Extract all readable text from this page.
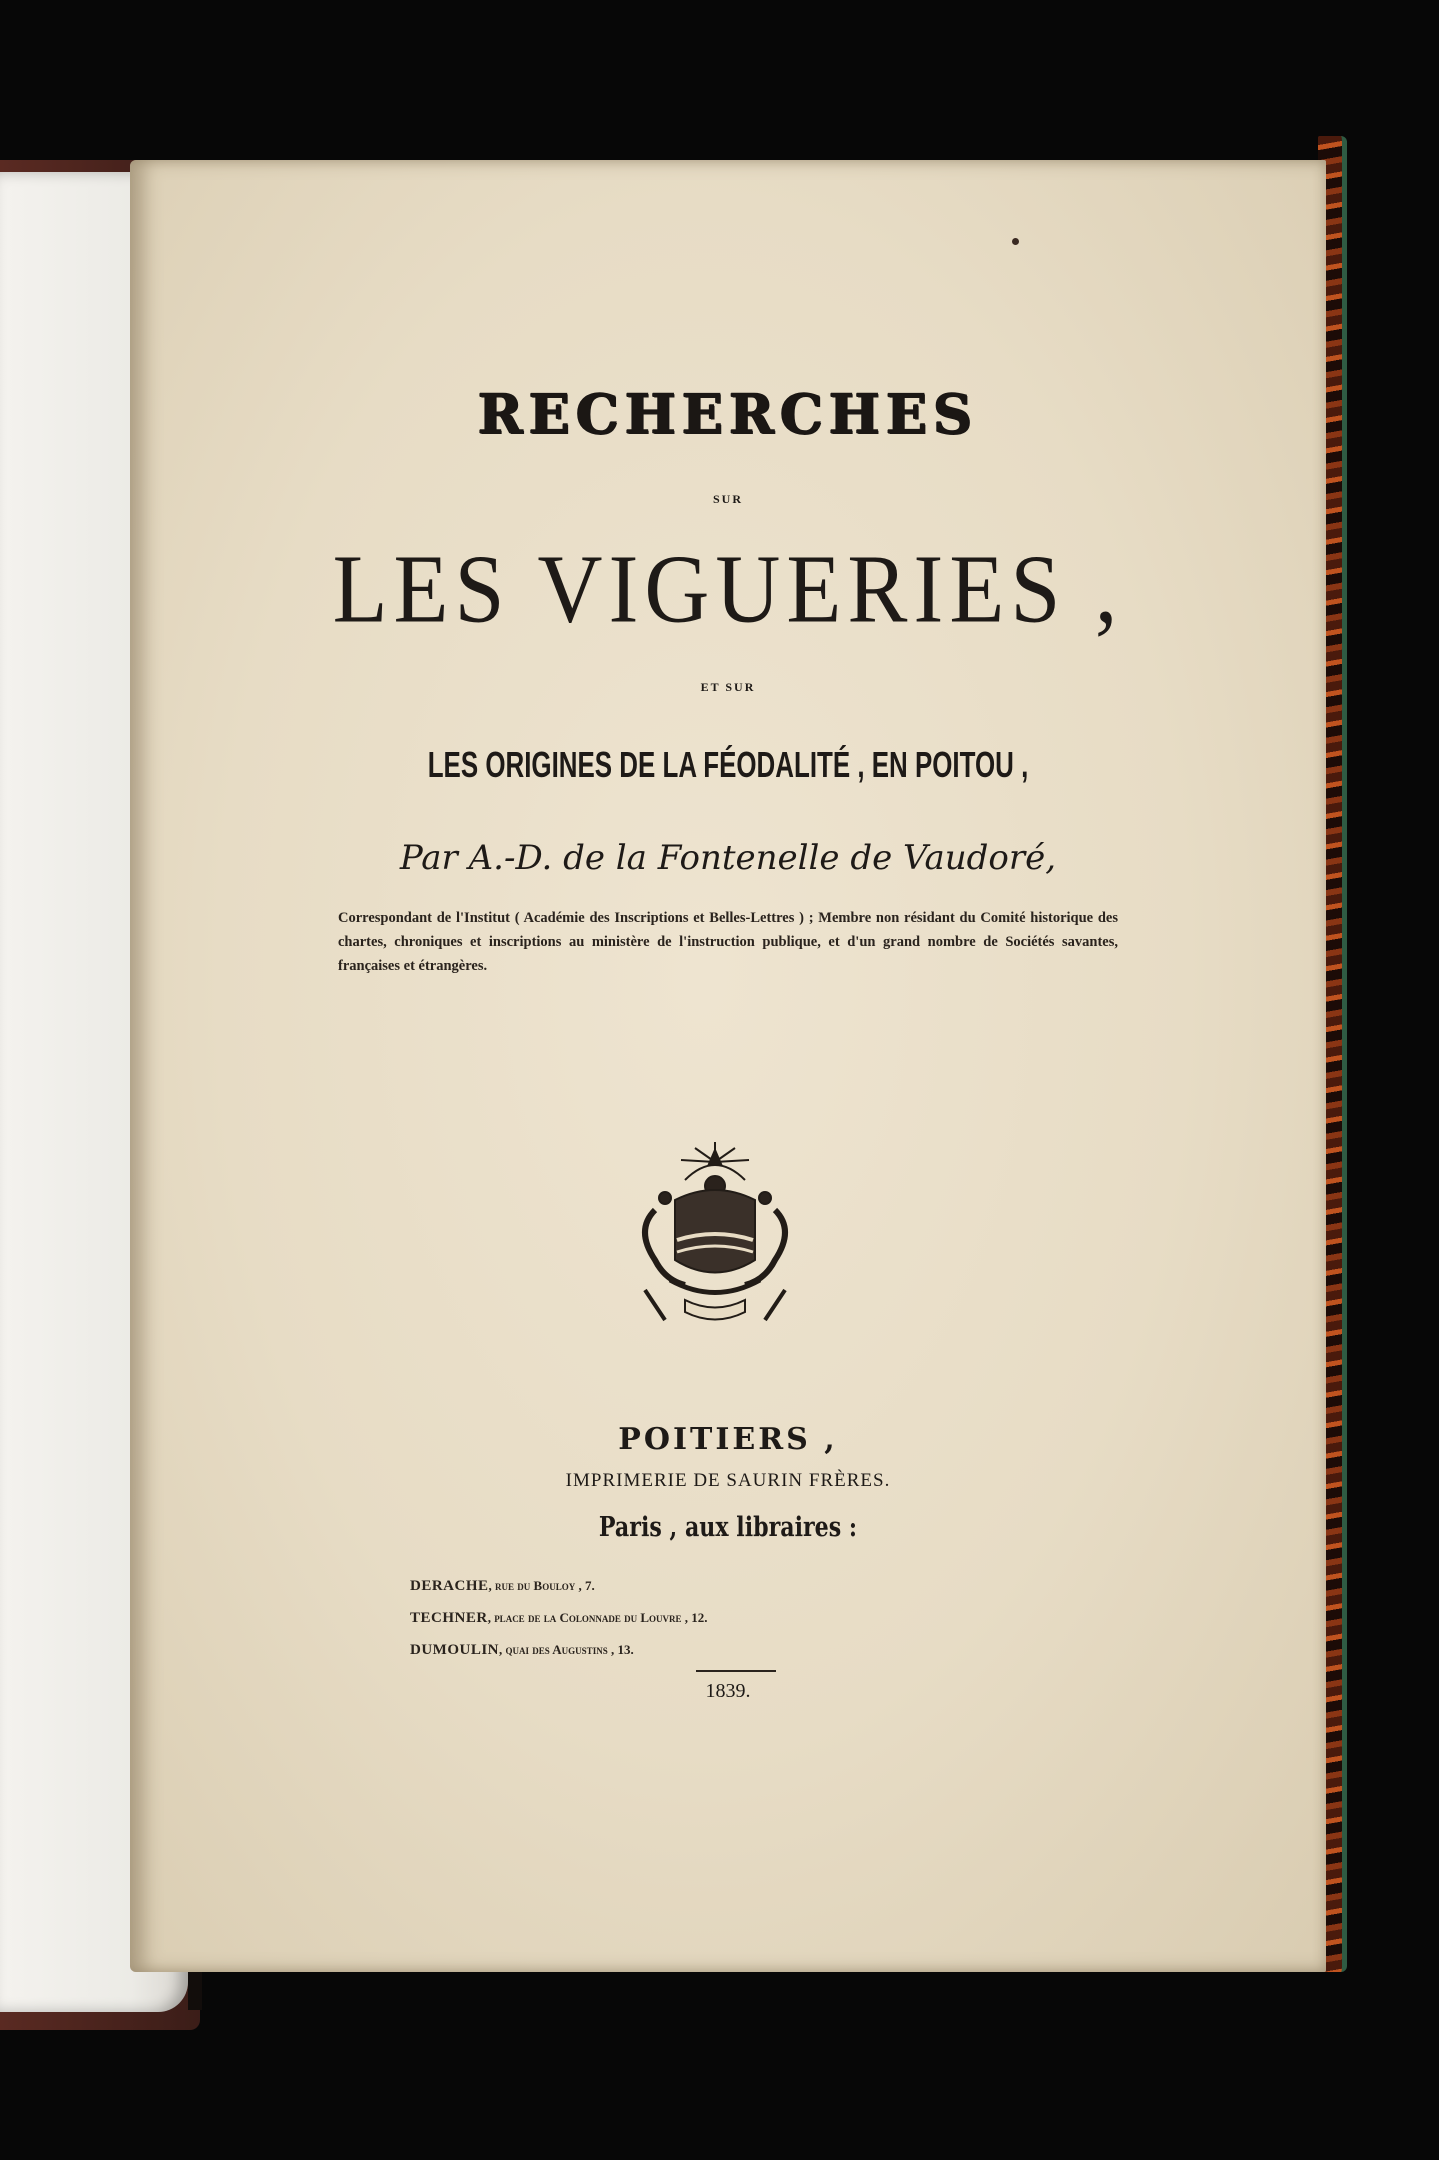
RECHERCHES
SUR
LES VIGUERIES ,
ET SUR
LES ORIGINES DE LA FÉODALITÉ , EN POITOU ,
Par A.-D. de la Fontenelle de Vaudoré,
Correspondant de l'Institut ( Académie des Inscriptions et Belles-Lettres ) ; Membre non résidant du Comité historique des chartes, chroniques et inscriptions au ministère de l'instruction publique, et d'un grand nombre de Sociétés savantes, françaises et étrangères.
POITIERS ,
IMPRIMERIE DE SAURIN FRÈRES.
Paris , aux libraires :
DERACHE, rue du Bouloy , 7.
TECHNER, place de la Colonnade du Louvre , 12.
DUMOULIN, quai des Augustins , 13.
1839.
